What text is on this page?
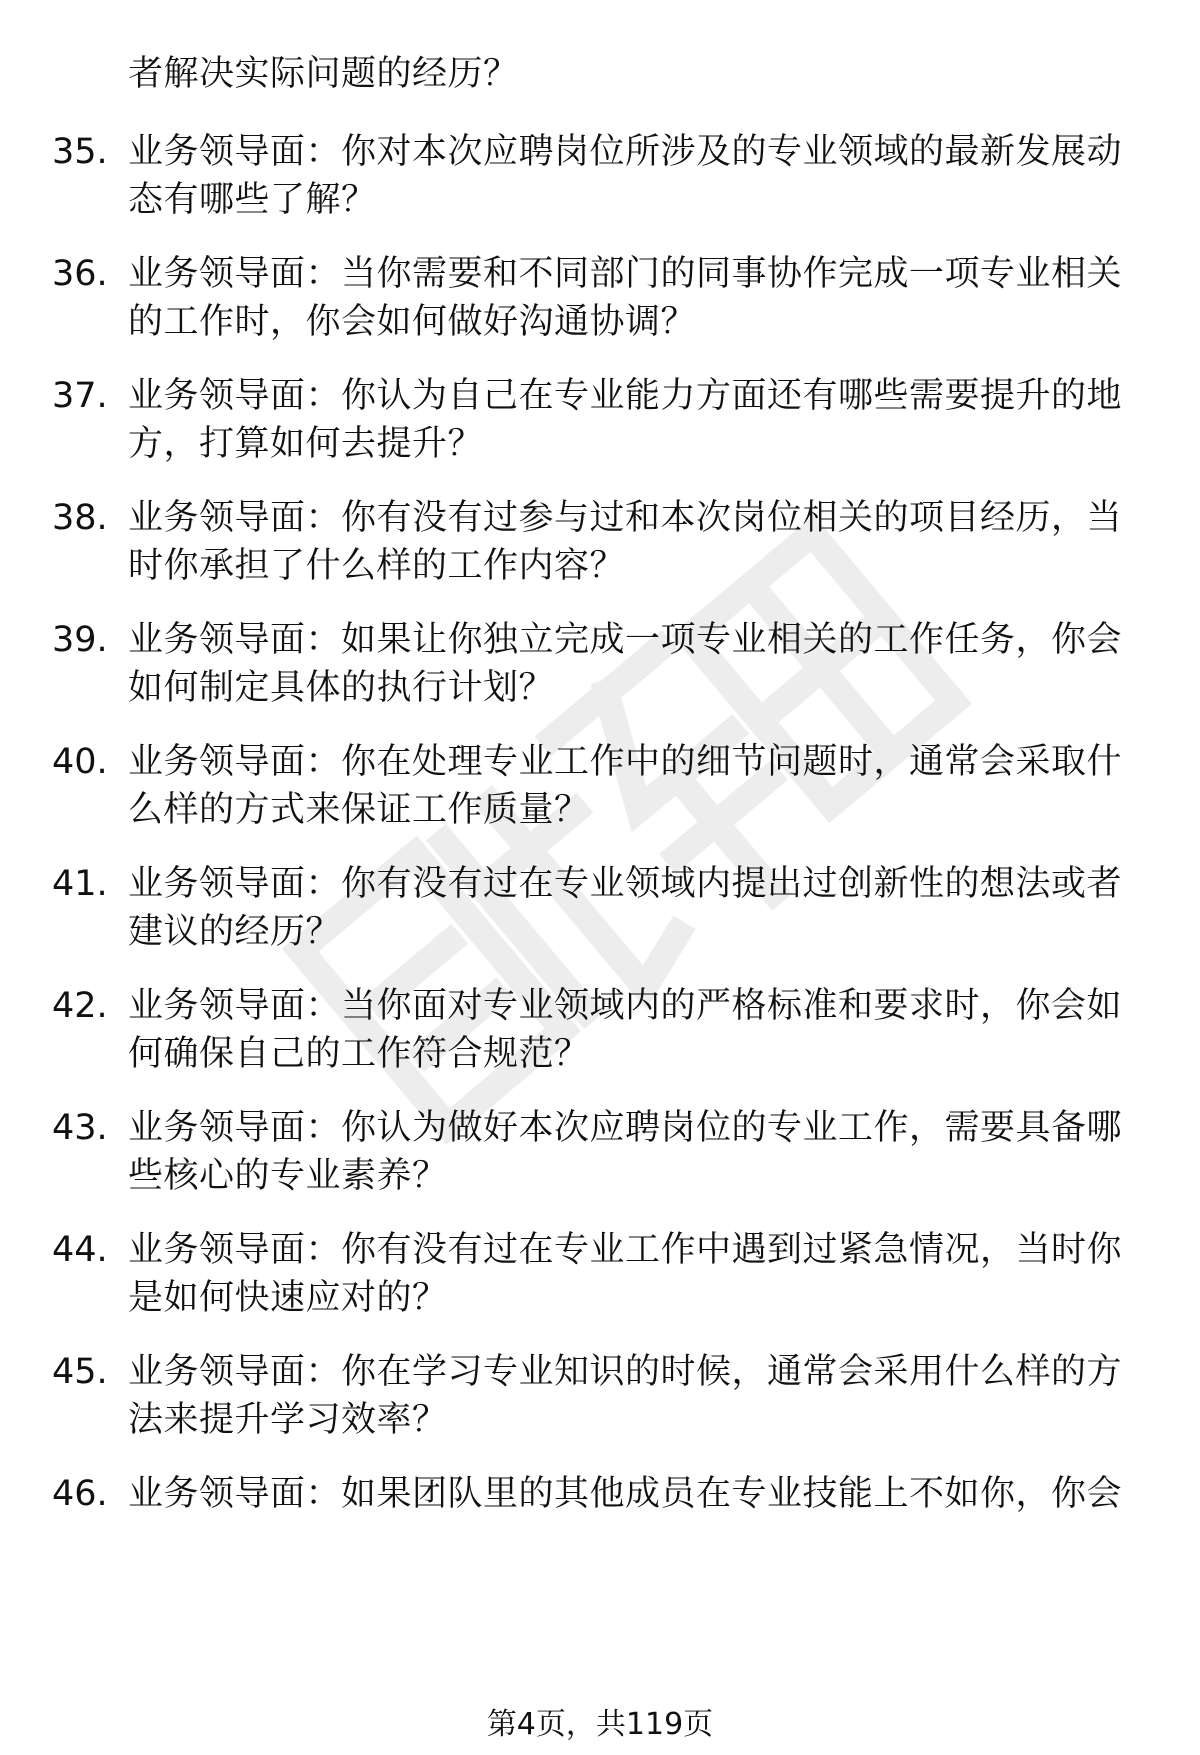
者解决实际问题的经历？
35. 业务领导面：你对本次应聘岗位所涉及的专业领域的最新发展动
态有哪些了解？
36. 业务领导面：当你需要和不同部门的同事协作完成一项专业相关
的工作时，你会如何做好沟通协调？
37. 业务领导面：你认为自己在专业能力方面还有哪些需要提升的地
方，打算如何去提升？
38. 业务领导面：你有没有过参与过和本次岗位相关的项目经历，当
时你承担了什么样的工作内容？
39. 业务领导面：如果让你独立完成一项专业相关的工作任务，你会
如何制定具体的执行计划？
40. 业务领导面：你在处理专业工作中的细节问题时，通常会采取什
么样的方式来保证工作质量？
41. 业务领导面：你有没有过在专业领域内提出过创新性的想法或者
建议的经历？
42. 业务领导面：当你面对专业领域内的严格标准和要求时，你会如
何确保自己的工作符合规范？
43. 业务领导面：你认为做好本次应聘岗位的专业工作，需要具备哪
些核心的专业素养？
44. 业务领导面：你有没有过在专业工作中遇到过紧急情况，当时你
是如何快速应对的？
45. 业务领导面：你在学习专业知识的时候，通常会采用什么样的方
法来提升学习效率？
46. 业务领导面：如果团队里的其他成员在专业技能上不如你，你会
第4页，共119页
